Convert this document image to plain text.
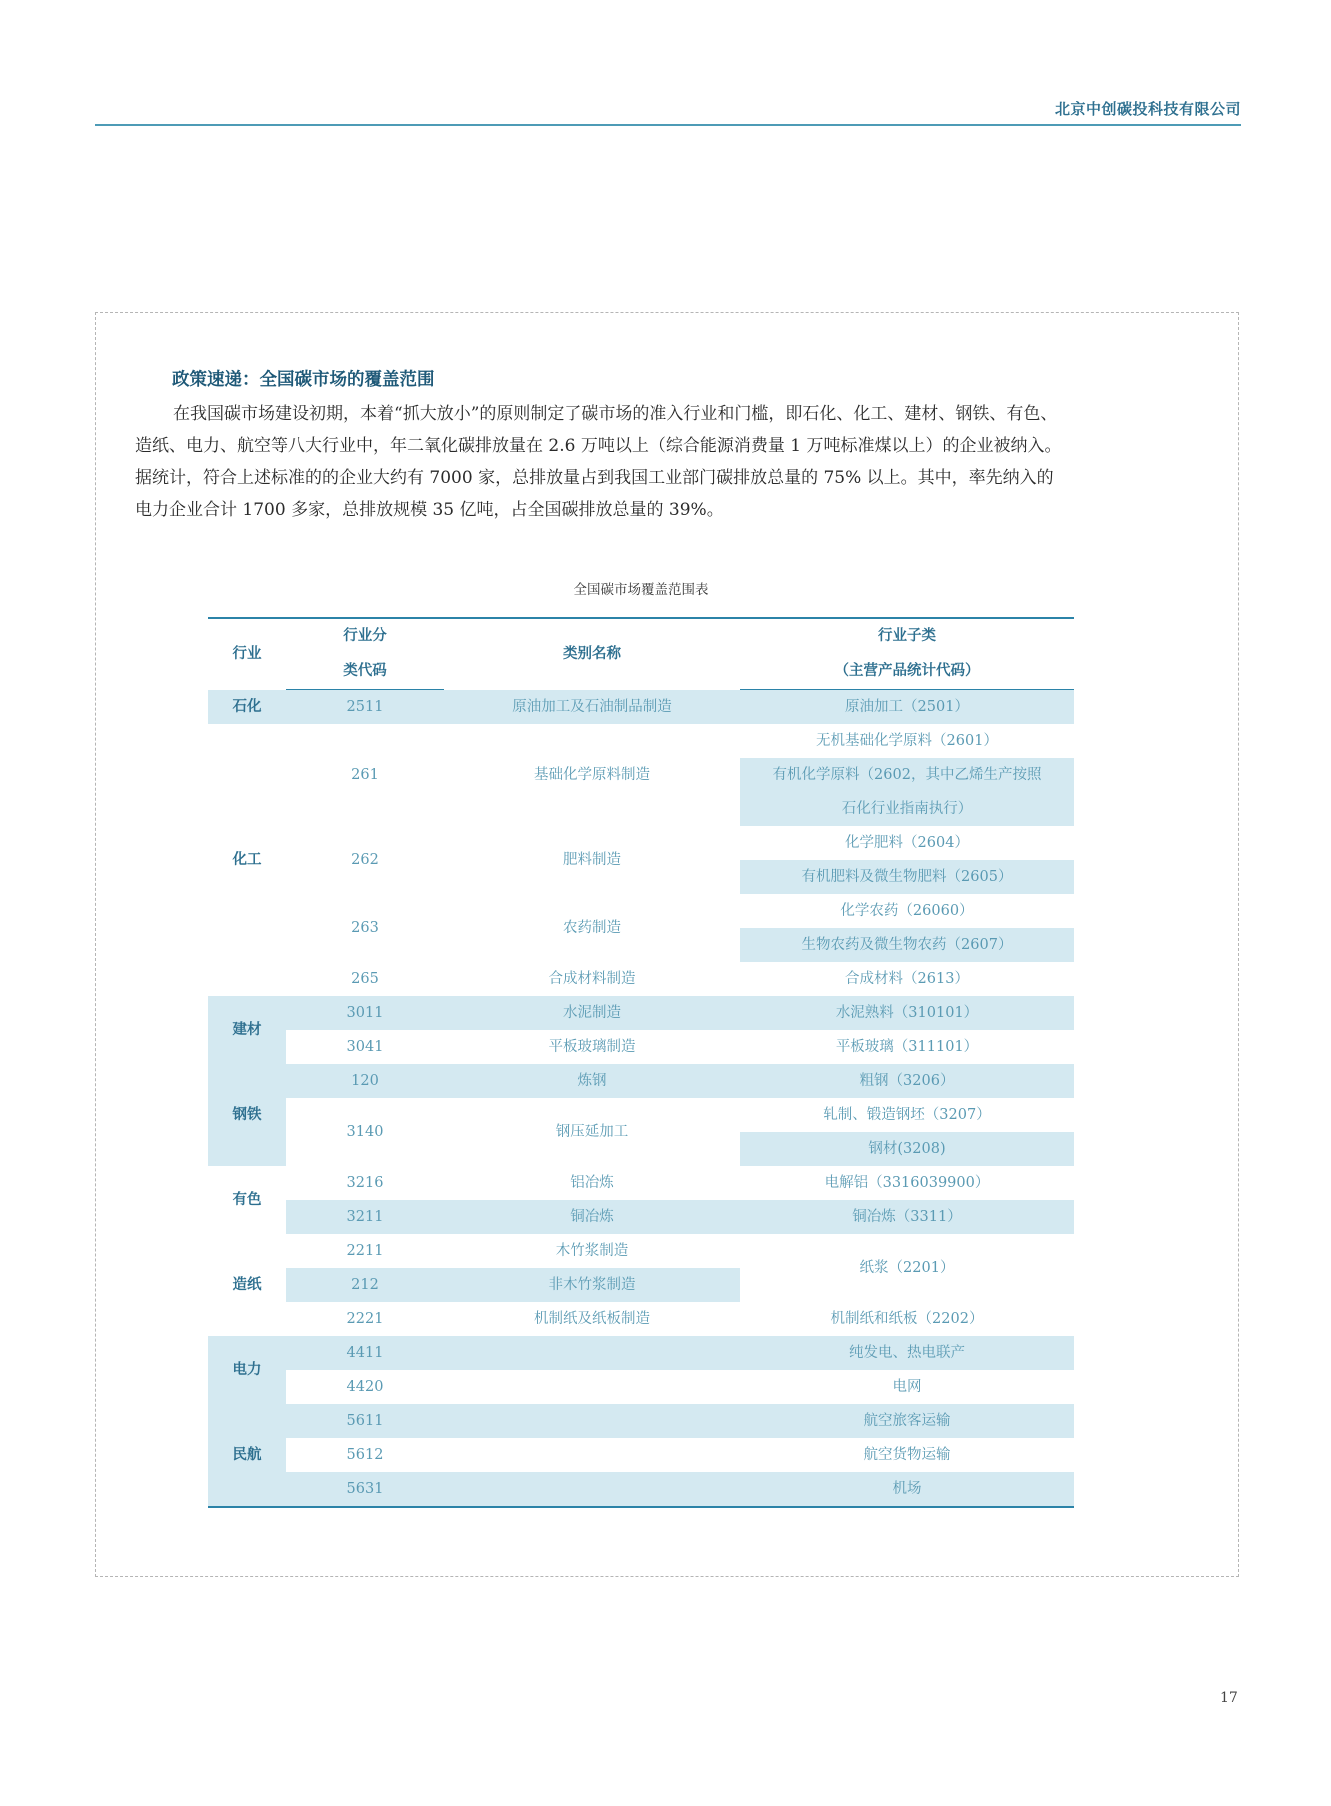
北京中创碳投科技有限公司
政策速递：全国碳市场的覆盖范围
在我国碳市场建设初期，本着“抓大放小”的原则制定了碳市场的准入行业和门槛，即石化、化工、建材、钢铁、有色、
造纸、电力、航空等八大行业中，年二氧化碳排放量在 2.6 万吨以上（综合能源消费量 1 万吨标准煤以上）的企业被纳入。
据统计，符合上述标准的的企业大约有 7000 家，总排放量占到我国工业部门碳排放总量的 75% 以上。其中，率先纳入的
电力企业合计 1700 多家，总排放规模 35 亿吨，占全国碳排放总量的 39%。
全国碳市场覆盖范围表
行业	行业分	类别名称	行业子类
	类代码		（主营产品统计代码）
石化	2511	原油加工及石油制品制造	原油加工（2501）
化工	261	基础化学原料制造	无机基础化学原料（2601）
			有机化学原料（2602，其中乙烯生产按照
			石化行业指南执行）
	262	肥料制造	化学肥料（2604）
			有机肥料及微生物肥料（2605）
	263	农药制造	化学农药（26060）
			生物农药及微生物农药（2607）
	265	合成材料制造	合成材料（2613）
建材	3011	水泥制造	水泥熟料（310101）
	3041	平板玻璃制造	平板玻璃（311101）
钢铁	120	炼钢	粗钢（3206）
	3140	钢压延加工	轧制、锻造钢坯（3207）
			钢材(3208)
有色	3216	铝冶炼	电解铝（3316039900）
	3211	铜冶炼	铜冶炼（3311）
造纸	2211	木竹浆制造	纸浆（2201）
	212	非木竹浆制造	
	2221	机制纸及纸板制造	机制纸和纸板（2202）
电力	4411		纯发电、热电联产
	4420		电网
民航	5611		航空旅客运输
	5612		航空货物运输
	5631		机场
17
